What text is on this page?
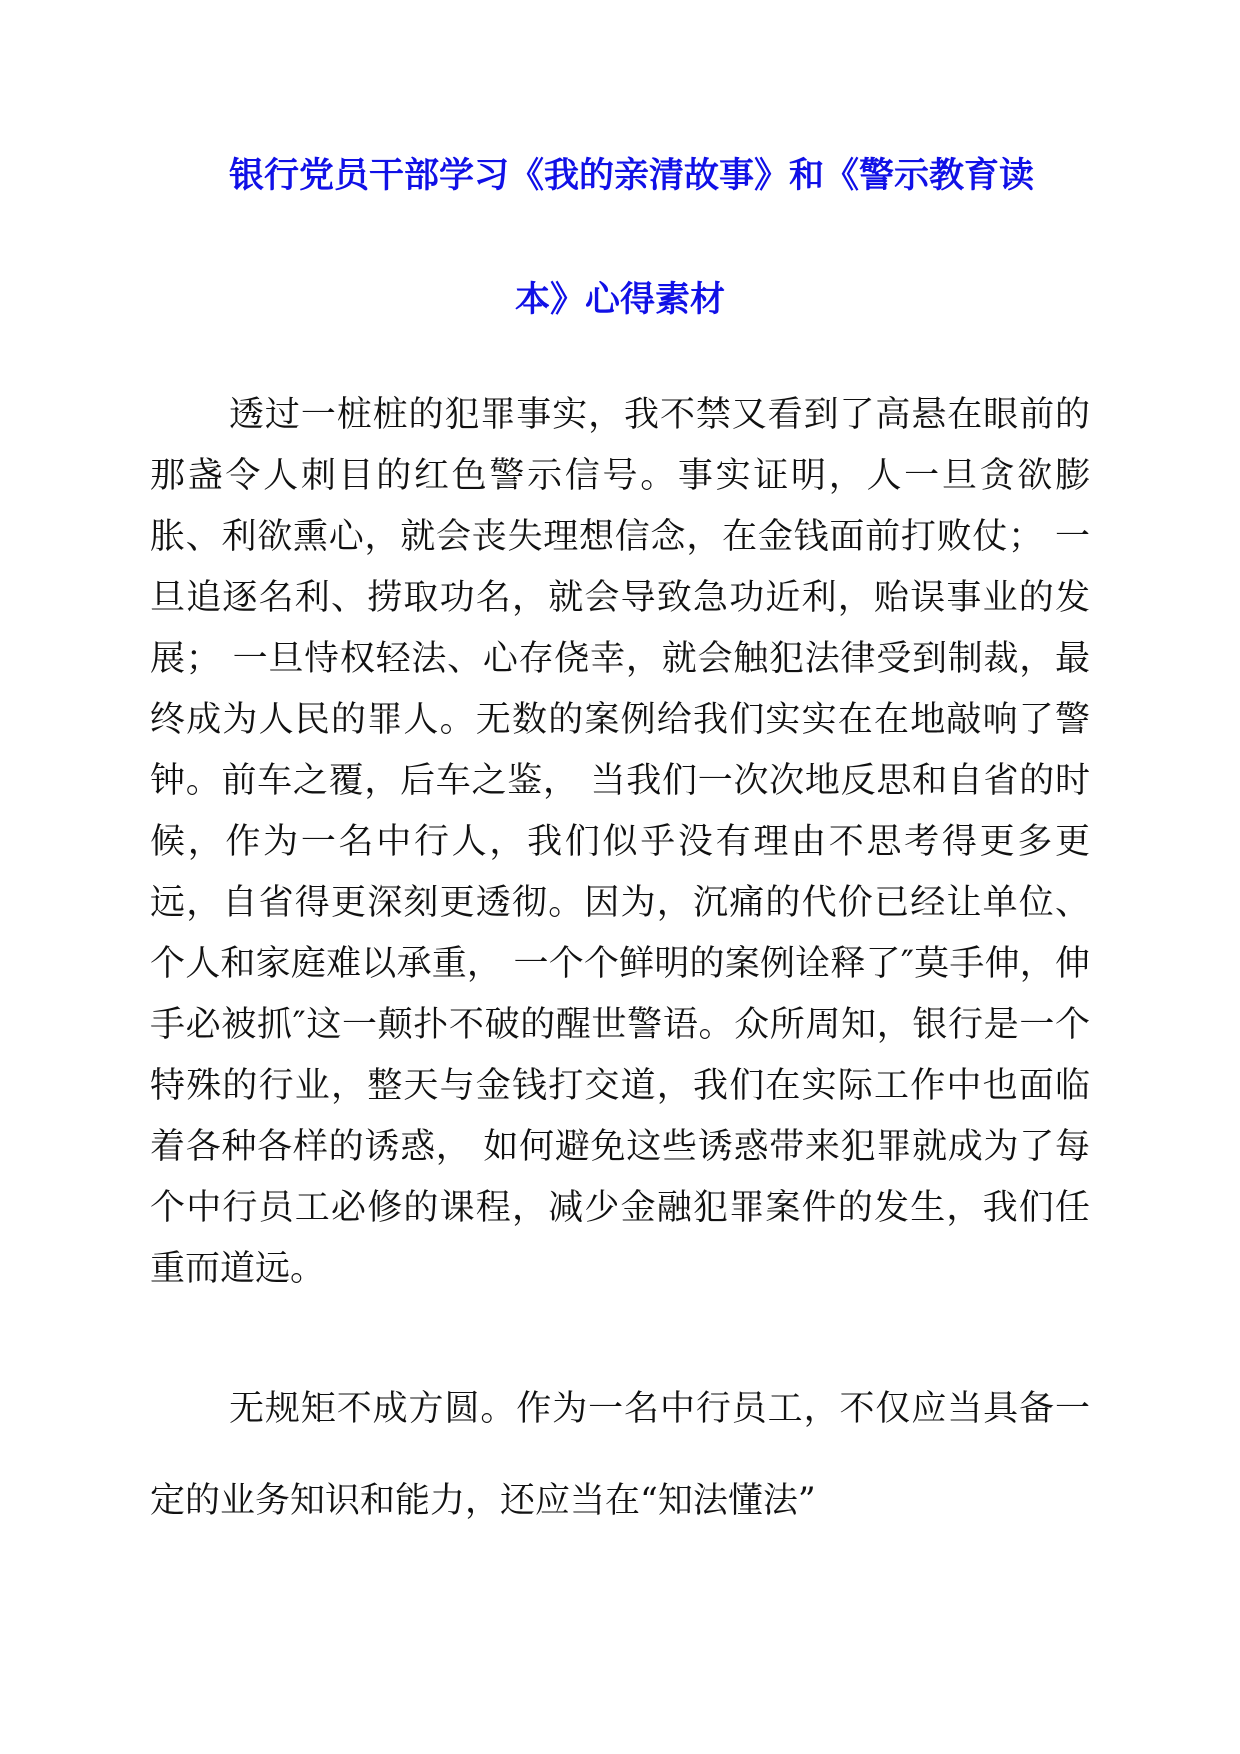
银行党员干部学习《我的亲清故事》和《警示教育读
本》心得素材

透过一桩桩的犯罪事实，我不禁又看到了高悬在眼前的那盏令人刺目的红色警示信号。事实证明，人一旦贪欲膨胀、利欲熏心，就会丧失理想信念，在金钱面前打败仗； 一旦追逐名利、捞取功名，就会导致急功近利，贻误事业的发展； 一旦恃权轻法、心存侥幸，就会触犯法律受到制裁，最终成为人民的罪人。无数的案例给我们实实在在地敲响了警钟。前车之覆，后车之鉴， 当我们一次次地反思和自省的时候，作为一名中行人，我们似乎没有理由不思考得更多更远，自省得更深刻更透彻。因为，沉痛的代价已经让单位、个人和家庭难以承重， 一个个鲜明的案例诠释了″莫手伸，伸手必被抓″这一颠扑不破的醒世警语。众所周知，银行是一个特殊的行业，整天与金钱打交道，我们在实际工作中也面临着各种各样的诱惑， 如何避免这些诱惑带来犯罪就成为了每个中行员工必修的课程，减少金融犯罪案件的发生，我们任重而道远。

无规矩不成方圆。作为一名中行员工，不仅应当具备一定的业务知识和能力，还应当在“知法懂法”
